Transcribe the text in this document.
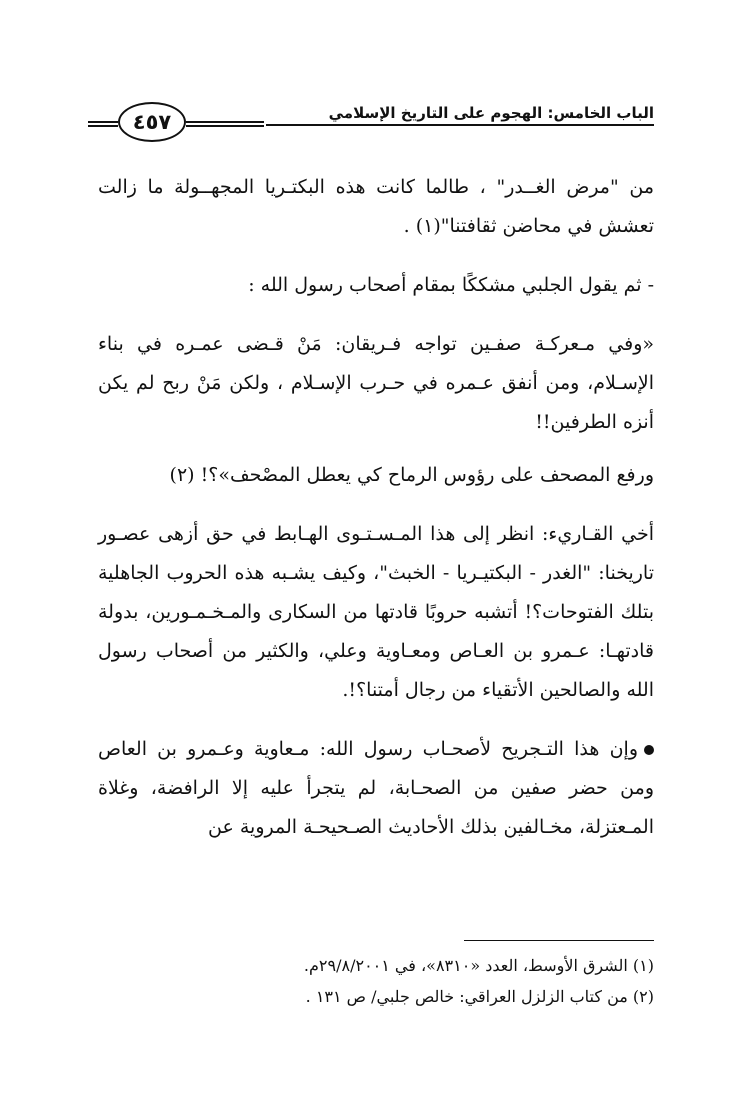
الباب الخامس: الهجوم على التاريخ الإسلامي
٤٥٧

من "مرض الغــدر" ، طالما كانت هذه البكتـريا المجهــولة ما زالت تعشش في محاضن ثقافتنا"(١) .

- ثم يقول الجلبي مشككًا بمقام أصحاب رسول الله :

«وفي مـعركـة صفـين تواجه فـريقان: مَنْ قـضى عمـره في بناء الإسـلام، ومن أنفق عـمره في حـرب الإسـلام ، ولكن مَنْ ربح لم يكن أنزه الطرفين!!

ورفع المصحف على رؤوس الرماح كي يعطل المصْحف»؟! (٢)

أخي القـاريء: انظر إلى هذا المـسـتـوى الهـابط في حق أزهى عصـور تاريخنا: "الغدر - البكتيـريا - الخبث"، وكيف يشـبه هذه الحروب الجاهلية بتلك الفتوحات؟! أتشبه حروبًا قادتها من السكارى والمـخـمـورين، بدولة قادتهـا: عـمرو بن العـاص ومعـاوية وعلي، والكثير من أصحاب رسول الله والصالحين الأتقياء من رجال أمتنا؟!.

وإن هذا التـجريح لأصحـاب رسول الله: مـعاوية وعـمرو بن العاص ومن حضر صفين من الصحـابة، لم يتجرأ عليه إلا الرافضة، وغلاة المـعتزلة، مخـالفين بذلك الأحاديث الصـحيحـة المروية عن

(١) الشرق الأوسط، العدد «٨٣١٠»، في ٢٩/٨/٢٠٠١م.

(٢) من كتاب الزلزل العراقي: خالص جلبي/ ص ١٣١ .
